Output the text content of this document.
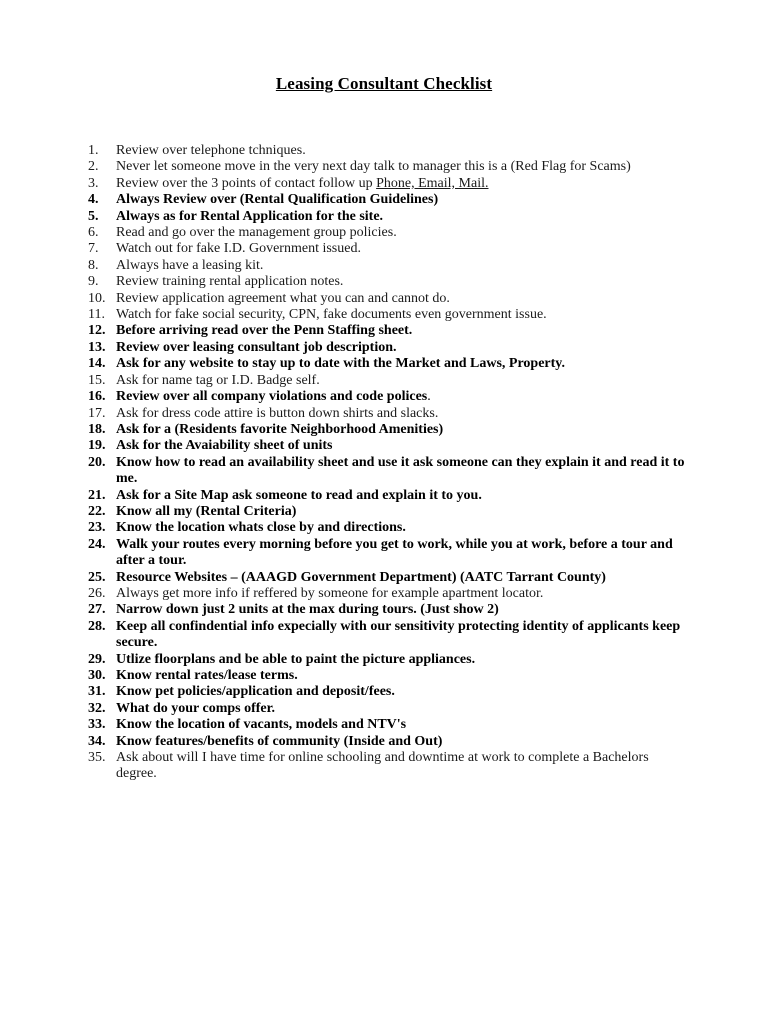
Leasing Consultant Checklist
1.	Review over telephone tchniques.
2.	Never let someone move in the very next day talk to manager this is a (Red Flag for Scams)
3.	Review over the 3 points of contact follow up Phone, Email, Mail.
4.	Always Review over (Rental Qualification Guidelines)
5.	Always as for Rental Application for the site.
6.	Read and go over the management group policies.
7.	Watch out for fake I.D. Government issued.
8.	Always have a leasing kit.
9.	Review training rental application notes.
10. Review application agreement what you can and cannot do.
11. Watch for fake social security, CPN, fake documents even government issue.
12. Before arriving read over the Penn Staffing sheet.
13. Review over leasing consultant job description.
14. Ask for any website to stay up to date with the Market and Laws, Property.
15. Ask for name tag or I.D. Badge self.
16. Review over all company violations and code polices.
17. Ask for dress code attire is button down shirts and slacks.
18. Ask for a (Residents favorite Neighborhood Amenities)
19. Ask for the Avaiability sheet of units
20. Know how to read an availability sheet and use it ask someone can they explain it and read it to me.
21. Ask for a Site Map ask someone to read and explain it to you.
22. Know all my (Rental Criteria)
23. Know the location whats close by and directions.
24. Walk your routes every morning before you get to work, while you at work, before a tour and after a tour.
25. Resource Websites – (AAAGD Government Department) (AATC Tarrant County)
26. Always get more info if reffered by someone for example apartment locator.
27. Narrow down just 2 units at the max during tours. (Just show 2)
28. Keep all confindential info expecially with our sensitivity protecting identity of applicants keep secure.
29. Utlize floorplans and be able to paint the picture appliances.
30. Know rental rates/lease terms.
31. Know pet policies/application and deposit/fees.
32. What do your comps offer.
33. Know the location of vacants, models and NTV's
34. Know features/benefits of community (Inside and Out)
35. Ask about will I have time for online schooling and downtime at work to complete a Bachelors degree.
